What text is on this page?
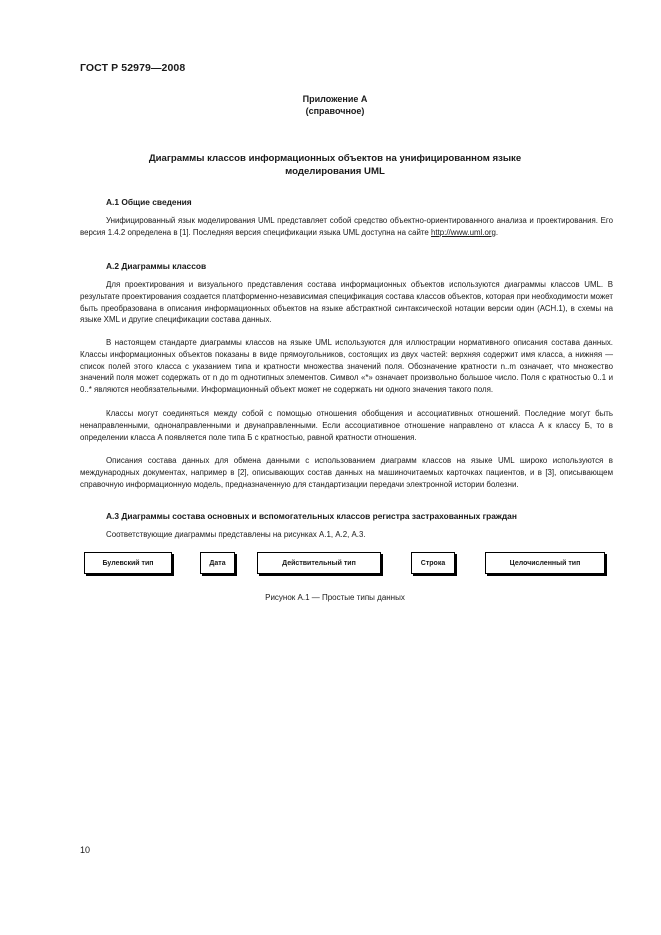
ГОСТ Р 52979—2008
Приложение А
(справочное)
Диаграммы классов информационных объектов на унифицированном языке
моделирования UML
А.1 Общие сведения

Унифицированный язык моделирования UML представляет собой средство объектно-ориентированного анализа и проектирования. Его версия 1.4.2 определена в [1]. Последняя версия спецификации языка UML доступна на сайте http://www.uml.org.

А.2 Диаграммы классов

Для проектирования и визуального представления состава информационных объектов используются диаграммы классов UML. В результате проектирования создается платформенно-независимая спецификация состава классов объектов, которая при необходимости может быть преобразована в описания информационных объектов на языке абстрактной синтаксической нотации версии один (АСН.1), в схемы на языке XML и другие спецификации состава данных.

В настоящем стандарте диаграммы классов на языке UML используются для иллюстрации нормативного описания состава данных. Классы информационных объектов показаны в виде прямоугольников, состоящих из двух частей: верхняя содержит имя класса, а нижняя — список полей этого класса с указанием типа и кратности множества значений поля. Обозначение кратности n..m означает, что множество значений поля может содержать от n до m однотипных элементов. Символ «*» означает произвольно большое число. Поля с кратностью 0..1 и 0..* являются необязательными. Информационный объект может не содержать ни одного значения такого поля.

Классы могут соединяться между собой с помощью отношения обобщения и ассоциативных отношений. Последние могут быть ненаправленными, однонаправленными и двунаправленными. Если ассоциативное отношение направлено от класса А к классу Б, то в определении класса А появляется поле типа Б с кратностью, равной кратности отношения.

Описания состава данных для обмена данными с использованием диаграмм классов на языке UML широко используются в международных документах, например в [2], описывающих состав данных на машиночитаемых карточках пациентов, и в [3], описывающем справочную информационную модель, предназначенную для стандартизации передачи электронной истории болезни.

А.3 Диаграммы состава основных и вспомогательных классов регистра застрахованных граждан

Соответствующие диаграммы представлены на рисунках А.1, А.2, А.3.

Булевский тип	Дата	Действительный тип	Строка	Целочисленный тип
Рисунок А.1 — Простые типы данных
10
